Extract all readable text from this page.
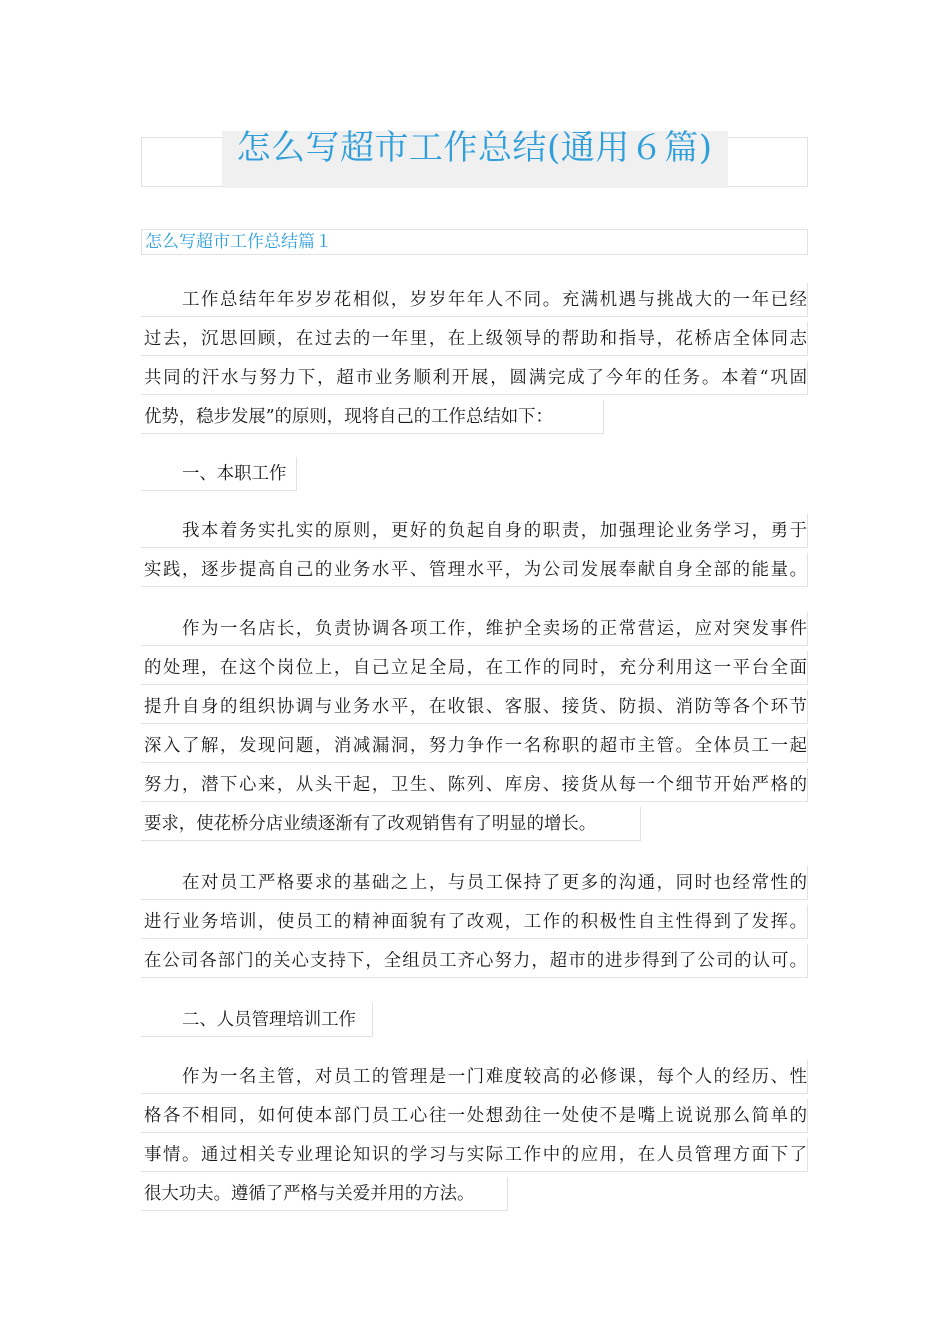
怎么写超市工作总结(通用６篇)
怎么写超市工作总结篇１
工作总结年年岁岁花相似，岁岁年年人不同。充满机遇与挑战大的一年已经
过去，沉思回顾，在过去的一年里，在上级领导的帮助和指导，花桥店全体同志
共同的汗水与努力下，超市业务顺利开展，圆满完成了今年的任务。本着“巩固
优势，稳步发展”的原则，现将自己的工作总结如下：
一、本职工作
我本着务实扎实的原则，更好的负起自身的职责，加强理论业务学习，勇于
实践，逐步提高自己的业务水平、管理水平，为公司发展奉献自身全部的能量。
作为一名店长，负责协调各项工作，维护全卖场的正常营运，应对突发事件
的处理，在这个岗位上，自己立足全局，在工作的同时，充分利用这一平台全面
提升自身的组织协调与业务水平，在收银、客服、接货、防损、消防等各个环节
深入了解，发现问题，消减漏洞，努力争作一名称职的超市主管。全体员工一起
努力，潜下心来，从头干起，卫生、陈列、库房、接货从每一个细节开始严格的
要求，使花桥分店业绩逐渐有了改观销售有了明显的增长。
在对员工严格要求的基础之上，与员工保持了更多的沟通，同时也经常性的
进行业务培训，使员工的精神面貌有了改观，工作的积极性自主性得到了发挥。
在公司各部门的关心支持下，全组员工齐心努力，超市的进步得到了公司的认可。
二、人员管理培训工作
作为一名主管，对员工的管理是一门难度较高的必修课，每个人的经历、性
格各不相同，如何使本部门员工心往一处想劲往一处使不是嘴上说说那么简单的
事情。通过相关专业理论知识的学习与实际工作中的应用，在人员管理方面下了
很大功夫。遵循了严格与关爱并用的方法。
